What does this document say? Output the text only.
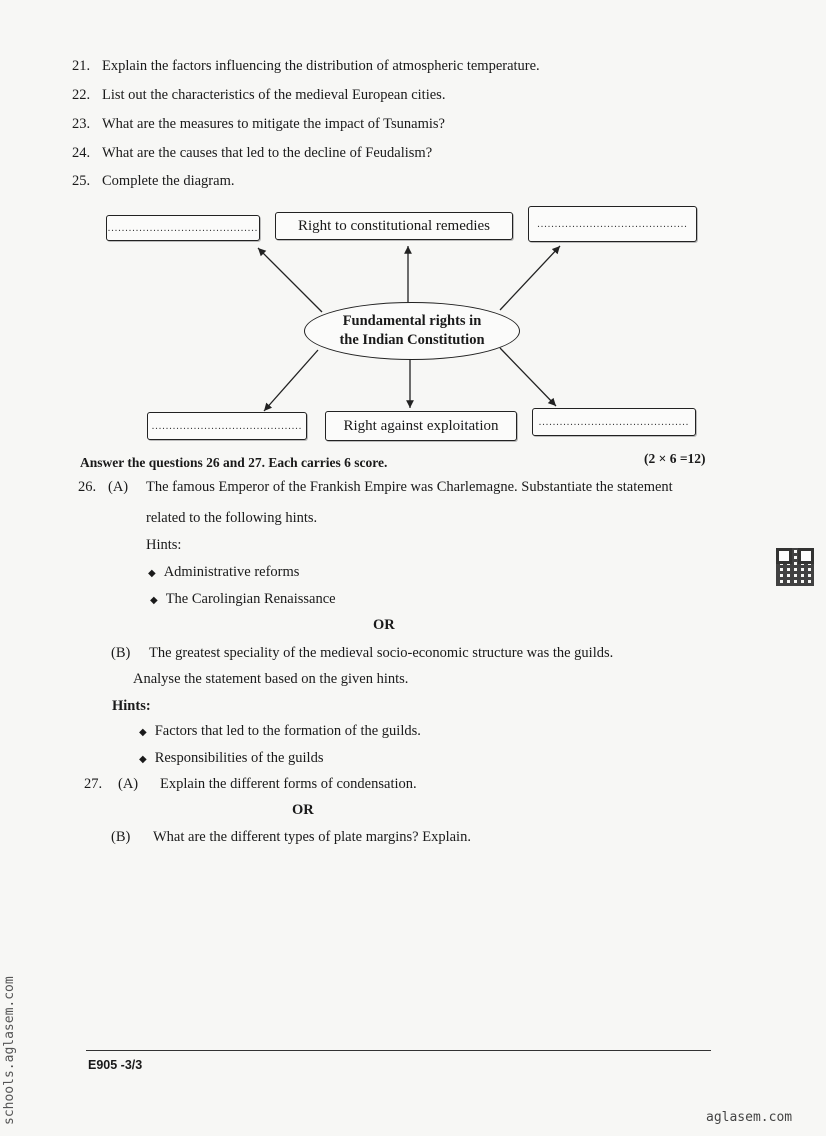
21. Explain the factors influencing the distribution of atmospheric temperature.
22. List out the characteristics of the medieval European cities.
23. What are the measures to mitigate the impact of Tsunamis?
24. What are the causes that led to the decline of Feudalism?
25. Complete the diagram.
...........................................	Right to constitutional remedies	...........................................
Fundamental rights in
the Indian Constitution
...........................................	Right against exploitation	...........................................
Answer the questions 26 and 27. Each carries 6 score.	(2 × 6 =12)
26. (A) The famous Emperor of the Frankish Empire was Charlemagne. Substantiate the statement
related to the following hints.
Hints:
◆ Administrative reforms
◆ The Carolingian Renaissance
OR
(B) The greatest speciality of the medieval socio-economic structure was the guilds.
Analyse the statement based on the given hints.
Hints:
◆ Factors that led to the formation of the guilds.
◆ Responsibilities of the guilds
27. (A) Explain the different forms of condensation.
OR
(B) What are the different types of plate margins? Explain.
E905 -3/3
aglasem.com
schools.aglasem.com
